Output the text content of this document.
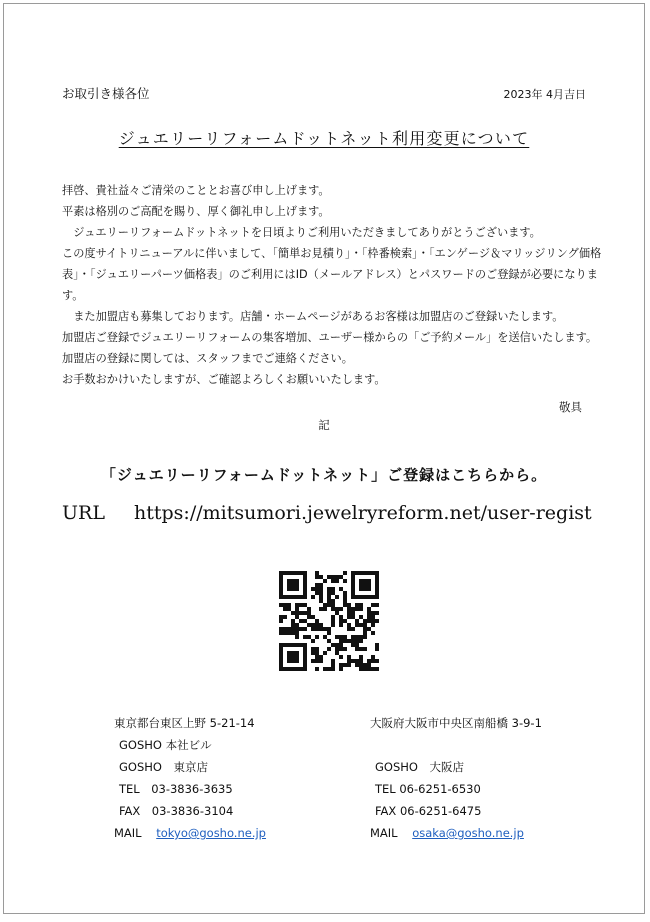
お取引き様各位	2023年 4月吉日
ジュエリーリフォームドットネット利用変更について

拝啓、貴社益々ご清栄のこととお喜び申し上げます。

平素は格別のご高配を賜り、厚く御礼申し上げます。

　ジュエリーリフォームドットネットを日頃よりご利用いただきましてありがとうございます。

この度サイトリニューアルに伴いまして、「簡単お見積り」・「枠番検索」・「エンゲージ＆マリッジリング価格表」・「ジュエリーパーツ価格表」のご利用にはID（メールアドレス）とパスワードのご登録が必要になります。

　また加盟店も募集しております。店舗・ホームページがあるお客様は加盟店のご登録いたします。

加盟店ご登録でジュエリーリフォームの集客増加、ユーザー様からの「ご予約メール」を送信いたします。加盟店の登録に関しては、スタッフまでご連絡ください。

お手数おかけいたしますが、ご確認よろしくお願いいたします。

敬具
記
「ジュエリーリフォームドットネット」ご登録はこちらから。
URL https://mitsumori.jewelryreform.net/user-regist
東京都台東区上野 5-21-14
GOSHO 本社ビル
GOSHO　東京店
TEL　03-3836-3635
FAX　03-3836-3104
MAIL tokyo@gosho.ne.jp
大阪府大阪市中央区南船橋 3-9-1

GOSHO　大阪店
TEL 06-6251-6530
FAX 06-6251-6475
MAIL osaka@gosho.ne.jp
